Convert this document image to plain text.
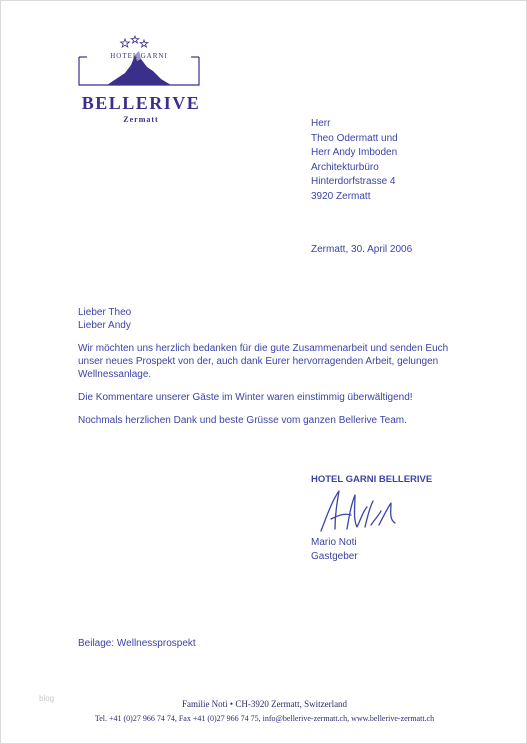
HOTEL GARNI
BELLERIVE
Zermatt	Herr
Theo Odermatt und
Herr Andy Imboden
Architekturbüro
Hinterdorfstrasse 4
3920 Zermatt
Zermatt, 30. April 2006

Lieber Theo
Lieber Andy

Wir möchten uns herzlich bedanken für die gute Zusammenarbeit und senden Euch unser neues Prospekt von der, auch dank Eurer hervorragenden Arbeit, gelungen Wellnessanlage.

Die Kommentare unserer Gäste im Winter waren einstimmig überwältigend!

Nochmals herzlichen Dank und beste Grüsse vom ganzen Bellerive Team.

HOTEL GARNI BELLERIVE
Mario Noti
Gastgeber
Beilage: Wellnessprospekt
blog
Familie Noti • CH-3920 Zermatt, Switzerland
Tel. +41 (0)27 966 74 74, Fax +41 (0)27 966 74 75, info@bellerive-zermatt.ch, www.bellerive-zermatt.ch
